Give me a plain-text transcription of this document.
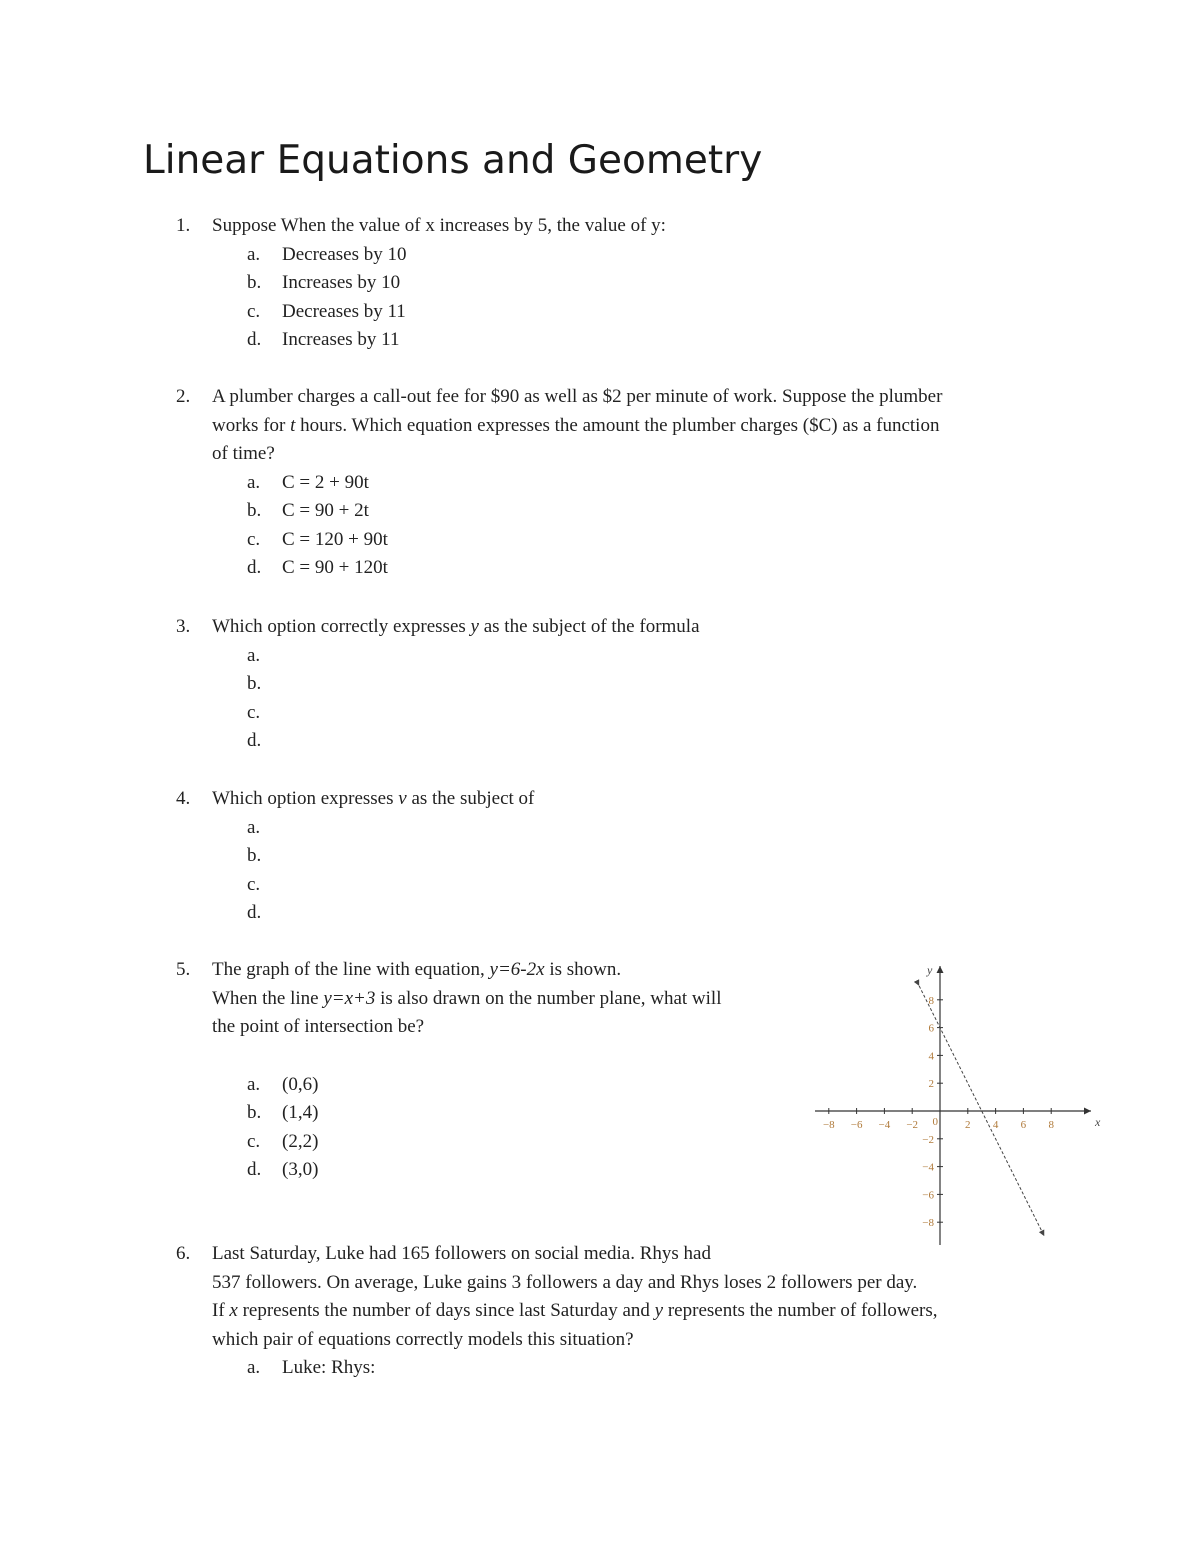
Linear Equations and Geometry
1. Suppose When the value of x increases by 5, the value of y:
a. Decreases by 10
b. Increases by 10
c. Decreases by 11
d. Increases by 11
2. A plumber charges a call-out fee for $90 as well as $2 per minute of work. Suppose the plumber
works for t hours. Which equation expresses the amount the plumber charges ($C) as a function
of time?
a. C = 2 + 90t
b. C = 90 + 2t
c. C = 120 + 90t
d. C = 90 + 120t
3. Which option correctly expresses y as the subject of the formula
a.
b.
c.
d.
4. Which option expresses v as the subject of
a.
b.
c.
d.
5. The graph of the line with equation, y=6-2x is shown.
When the line y=x+3 is also drawn on the number plane, what will
the point of intersection be?
a. (0,6)
b. (1,4)
c. (2,2)
d. (3,0)
−8 −6 −4 −2	2 4 6 8
8
6
4
2
−2
−4
−6
−8
0	x
y
6. Last Saturday, Luke had 165 followers on social media. Rhys had
537 followers. On average, Luke gains 3 followers a day and Rhys loses 2 followers per day.
If x represents the number of days since last Saturday and y represents the number of followers,
which pair of equations correctly models this situation?
a. Luke: Rhys:
